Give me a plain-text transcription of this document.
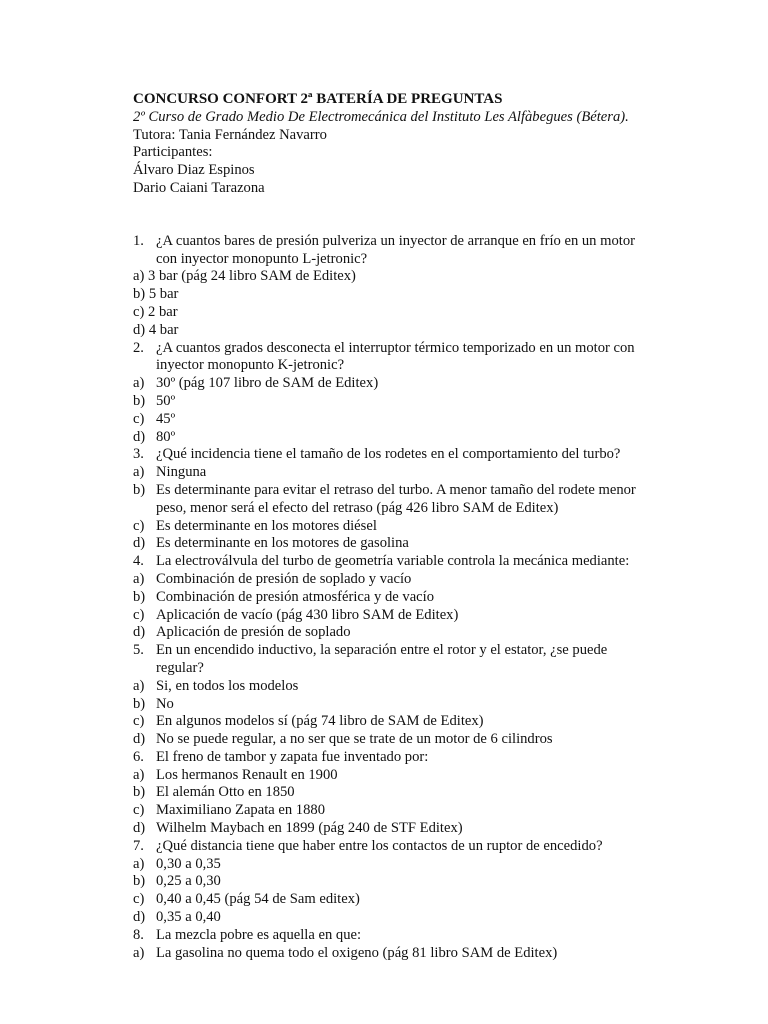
CONCURSO CONFORT 2ª BATERÍA DE PREGUNTAS
2º Curso de Grado Medio De Electromecánica del Instituto Les Alfàbegues (Bétera).
Tutora: Tania Fernández Navarro
Participantes:
Álvaro Diaz Espinos
Dario Caiani Tarazona
1. ¿A cuantos bares de presión pulveriza un inyector de arranque en frío en un motor con inyector monopunto L-jetronic?
a) 3 bar (pág 24 libro SAM de Editex)
b) 5 bar
c) 2 bar
d) 4 bar
2. ¿A cuantos grados desconecta el interruptor térmico temporizado en un motor con inyector monopunto K-jetronic?
a) 30º (pág 107 libro de SAM de Editex)
b) 50º
c) 45º
d) 80º
3. ¿Qué incidencia tiene el tamaño de los rodetes en el comportamiento del turbo?
a) Ninguna
b) Es determinante para evitar el retraso del turbo. A menor tamaño del rodete menor peso, menor será el efecto del retraso (pág 426 libro SAM de Editex)
c) Es determinante en los motores diésel
d) Es determinante en los motores de gasolina
4. La electroválvula del turbo de geometría variable controla la mecánica mediante:
a) Combinación de presión de soplado y vacío
b) Combinación de presión atmosférica y de vacío
c) Aplicación de vacío (pág 430 libro SAM de Editex)
d) Aplicación de presión de soplado
5. En un encendido inductivo, la separación entre el rotor y el estator, ¿se puede regular?
a) Si, en todos los modelos
b) No
c) En algunos modelos sí (pág 74 libro de SAM de Editex)
d) No se puede regular, a no ser que se trate de un motor de 6 cilindros
6. El freno de tambor y zapata fue inventado por:
a) Los hermanos Renault en 1900
b) El alemán Otto en 1850
c) Maximiliano Zapata en 1880
d) Wilhelm Maybach en 1899 (pág 240 de STF Editex)
7. ¿Qué distancia tiene que haber entre los contactos de un ruptor de encedido?
a) 0,30 a 0,35
b) 0,25 a 0,30
c) 0,40 a 0,45 (pág 54 de Sam editex)
d) 0,35 a 0,40
8. La mezcla pobre es aquella en que:
a) La gasolina no quema todo el oxigeno (pág 81 libro SAM de Editex)
